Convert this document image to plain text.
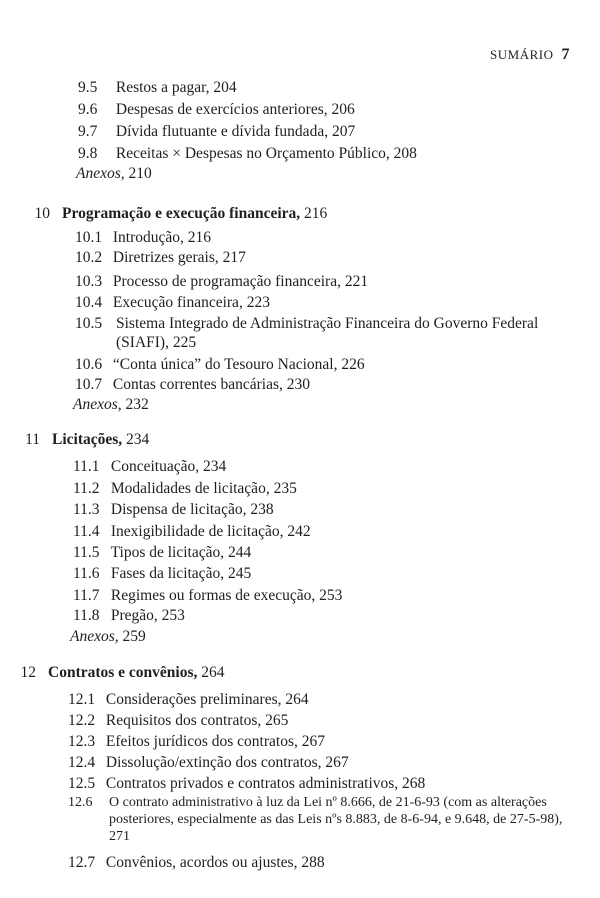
SUMÁRIO 7
9.5 Restos a pagar, 204
9.6 Despesas de exercícios anteriores, 206
9.7 Dívida flutuante e dívida fundada, 207
9.8 Receitas × Despesas no Orçamento Público, 208
Anexos, 210
10 Programação e execução financeira, 216
10.1 Introdução, 216
10.2 Diretrizes gerais, 217
10.3 Processo de programação financeira, 221
10.4 Execução financeira, 223
10.5 Sistema Integrado de Administração Financeira do Governo Federal (SIAFI), 225
10.6 “Conta única” do Tesouro Nacional, 226
10.7 Contas correntes bancárias, 230
Anexos, 232
11 Licitações, 234
11.1 Conceituação, 234
11.2 Modalidades de licitação, 235
11.3 Dispensa de licitação, 238
11.4 Inexigibilidade de licitação, 242
11.5 Tipos de licitação, 244
11.6 Fases da licitação, 245
11.7 Regimes ou formas de execução, 253
11.8 Pregão, 253
Anexos, 259
12 Contratos e convênios, 264
12.1 Considerações preliminares, 264
12.2 Requisitos dos contratos, 265
12.3 Efeitos jurídicos dos contratos, 267
12.4 Dissolução/extinção dos contratos, 267
12.5 Contratos privados e contratos administrativos, 268
12.6	O contrato administrativo à luz da Lei nº 8.666, de 21-6-93 (com as alterações posteriores, especialmente as das Leis nºs 8.883, de 8-6-94, e 9.648, de 27-5-98), 271
12.7 Convênios, acordos ou ajustes, 288
